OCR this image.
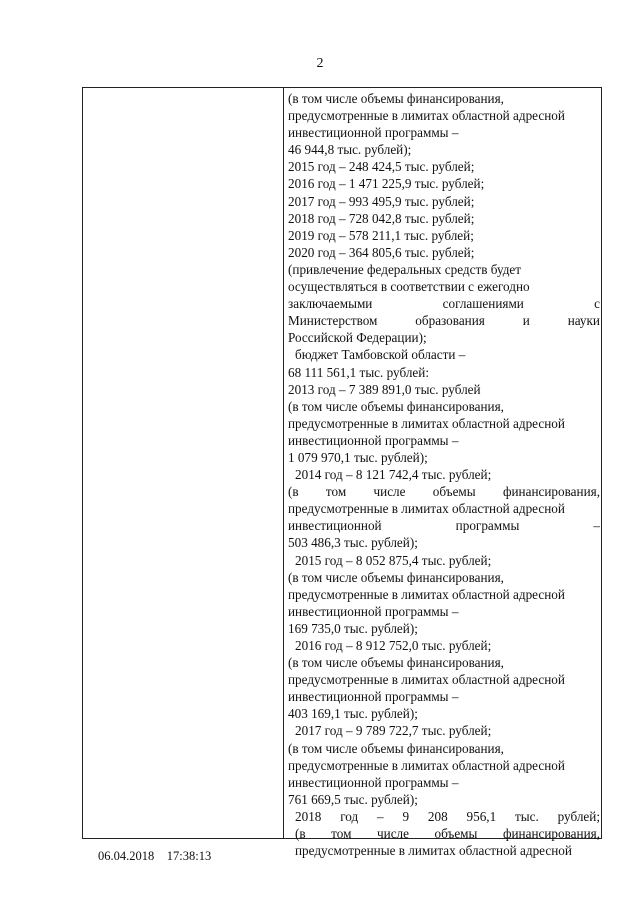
2
(в том числе объемы финансирования,
предусмотренные в лимитах областной адресной
инвестиционной программы –
46 944,8 тыс. рублей);
2015 год – 248 424,5 тыс. рублей;
2016 год – 1 471 225,9 тыс. рублей;
2017 год – 993 495,9 тыс. рублей;
2018 год – 728 042,8 тыс. рублей;
2019 год – 578 211,1 тыс. рублей;
2020 год – 364 805,6 тыс. рублей;
(привлечение федеральных средств будет
осуществляться в соответствии с ежегодно
заключаемыми соглашениями с
Министерством образования и науки
Российской Федерации);
бюджет Тамбовской области –
68 111 561,1 тыс. рублей:
2013 год – 7 389 891,0 тыс. рублей
(в том числе объемы финансирования,
предусмотренные в лимитах областной адресной
инвестиционной программы –
1 079 970,1 тыс. рублей);
2014 год – 8 121 742,4 тыс. рублей;
(в том числе объемы финансирования,
предусмотренные в лимитах областной адресной
инвестиционной программы –
503 486,3 тыс. рублей);
2015 год – 8 052 875,4 тыс. рублей;
(в том числе объемы финансирования,
предусмотренные в лимитах областной адресной
инвестиционной программы –
169 735,0 тыс. рублей);
2016 год – 8 912 752,0 тыс. рублей;
(в том числе объемы финансирования,
предусмотренные в лимитах областной адресной
инвестиционной программы –
403 169,1 тыс. рублей);
2017 год – 9 789 722,7 тыс. рублей;
(в том числе объемы финансирования,
предусмотренные в лимитах областной адресной
инвестиционной программы –
761 669,5 тыс. рублей);
2018 год – 9 208 956,1 тыс. рублей;
(в том числе объемы финансирования,
предусмотренные в лимитах областной адресной
06.04.2018 17:38:13
